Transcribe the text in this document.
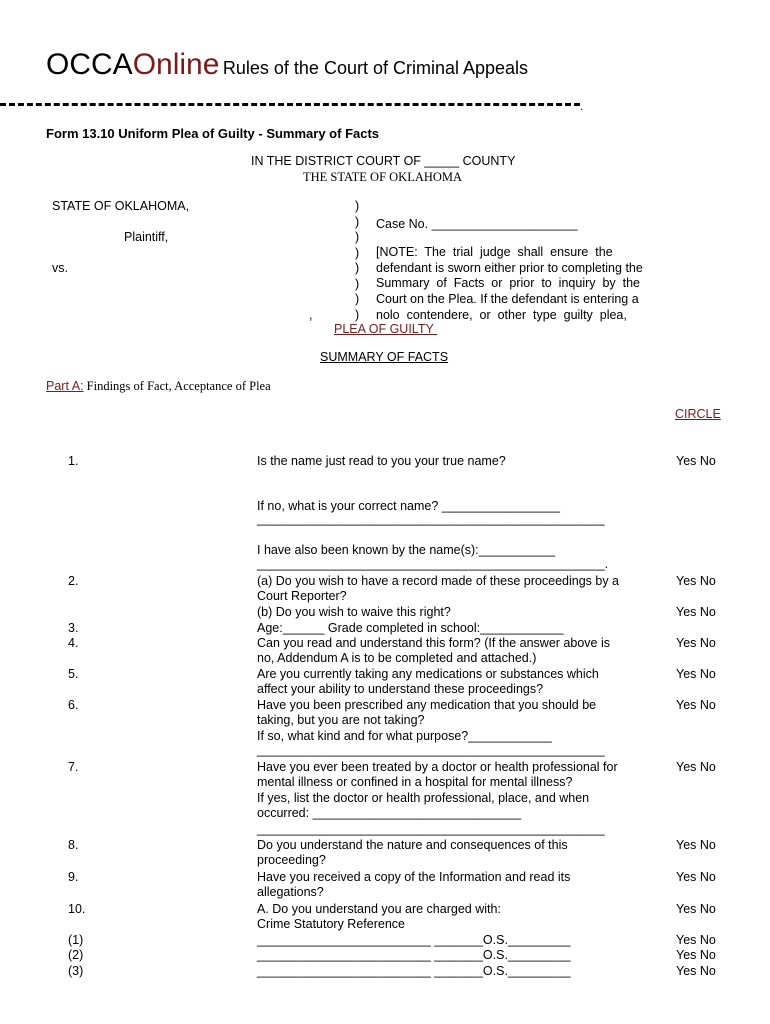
OCCAOnline Rules of the Court of Criminal Appeals
.
Form 13.10 Uniform Plea of Guilty - Summary of Facts
IN THE DISTRICT COURT OF _____ COUNTY
THE STATE OF OKLAHOMA
STATE OF OKLAHOMA,
Plaintiff,
vs.
,
)
)
)
)
)
)
)
)
Case No. _____________________
[NOTE:  The  trial  judge  shall  ensure  the
defendant is sworn either prior to completing the
Summary  of  Facts  or  prior  to  inquiry  by  the
Court on the Plea. If the defendant is entering a
nolo  contendere,  or  other  type  guilty  plea,
PLEA OF GUILTY
SUMMARY OF FACTS
Part A: Findings of Fact, Acceptance of Plea
CIRCLE
1.	Is the name just read to you your true name?	Yes No
If no, what is your correct name? _________________
__________________________________________________
I have also been known by the name(s):___________
__________________________________________________.
2.	(a) Do you wish to have a record made of these proceedings by a
Court Reporter?
Yes No
(b) Do you wish to waive this right?	Yes No
3.	Age:______ Grade completed in school:____________
4.	Can you read and understand this form? (If the answer above is
no, Addendum A is to be completed and attached.)
Yes No
5.	Are you currently taking any medications or substances which
affect your ability to understand these proceedings?
Yes No
6.	Have you been prescribed any medication that you should be
taking, but you are not taking?
If so, what kind and for what purpose?____________
__________________________________________________
Yes No
7.	Have you ever been treated by a doctor or health professional for
mental illness or confined in a hospital for mental illness?
If yes, list the doctor or health professional, place, and when
occurred: ______________________________
__________________________________________________
Yes No
8.	Do you understand the nature and consequences of this
proceeding?
Yes No
9.	Have you received a copy of the Information and read its
allegations?
Yes No
10.	A. Do you understand you are charged with:
Crime Statutory Reference
Yes No
(1)	_________________________ _______O.S._________	Yes No
(2)	_________________________ _______O.S._________	Yes No
(3)	_________________________ _______O.S._________	Yes No
